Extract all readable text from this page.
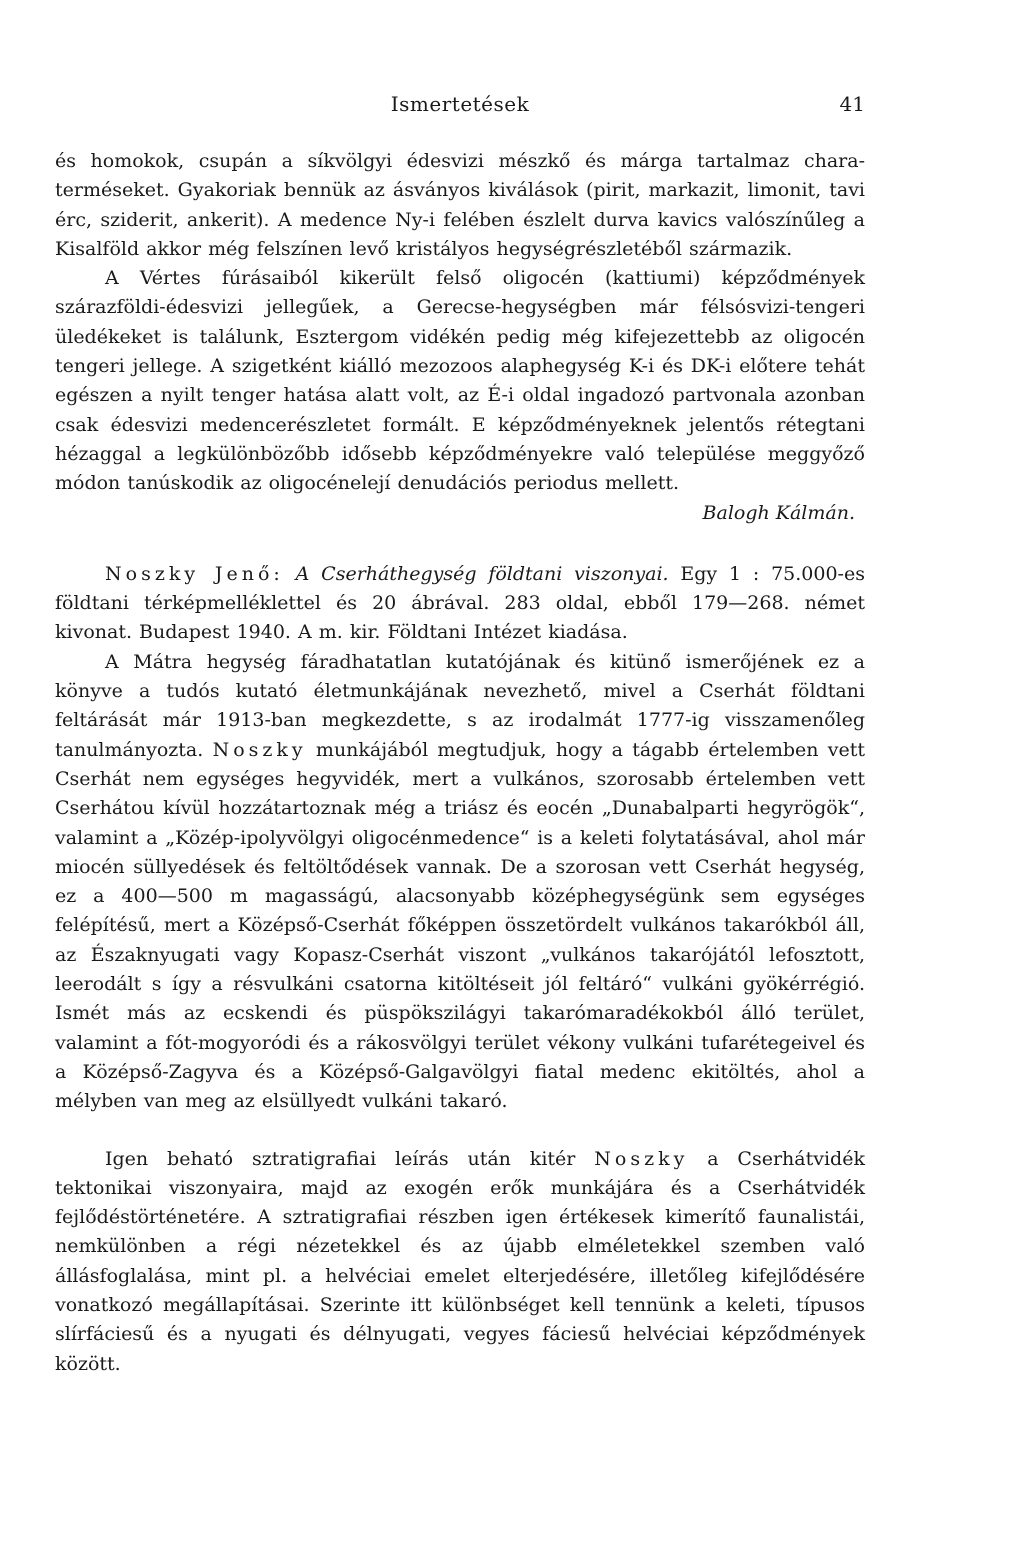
Ismertetések	41

és homokok, csupán a síkvölgyi édesvizi mészkő és márga tartalmaz chara-terméseket. Gyakoriak bennük az ásványos kiválások (pirit, markazit, limonit, tavi érc, sziderit, ankerit). A medence Ny-i felében észlelt durva kavics valószínűleg a Kisalföld akkor még felszínen levő kristályos hegységrészletéből származik.

A Vértes fúrásaiból kikerült felső oligocén (kattiumi) képződmények szárazföldi-édesvizi jellegűek, a Gerecse-hegységben már félsósvizi-tengeri üledékeket is találunk, Esztergom vidékén pedig még kifejezettebb az oligocén tengeri jellege. A szigetként kiálló mezozoos alaphegység K-i és DK-i előtere tehát egészen a nyilt tenger hatása alatt volt, az É-i oldal ingadozó partvonala azonban csak édesvizi medencerészletet formált. E képződményeknek jelentős rétegtani hézaggal a legkülönbözőbb idősebb képződményekre való települése meggyőző módon tanúskodik az oligocénelejí denudációs periodus mellett.

Balogh Kálmán.

Noszky Jenő: A Cserháthegység földtani viszonyai. Egy 1 : 75.000-es földtani térképmelléklettel és 20 ábrával. 283 oldal, ebből 179—268. német kivonat. Budapest 1940. A m. kir. Földtani Intézet kiadása.

A Mátra hegység fáradhatatlan kutatójának és kitünő ismerőjének ez a könyve a tudós kutató életmunkájának nevezhető, mivel a Cserhát földtani feltárását már 1913-ban megkezdette, s az irodalmát 1777-ig visszamenőleg tanulmányozta. Noszky munkájából megtudjuk, hogy a tágabb értelemben vett Cserhát nem egységes hegyvidék, mert a vulkános, szorosabb értelemben vett Cserhátou kívül hozzátartoznak még a triász és eocén „Dunabalparti hegyrögök“, valamint a „Közép-ipolyvölgyi oligocénmedence“ is a keleti folytatásával, ahol már miocén süllyedések és feltöltődések vannak. De a szorosan vett Cserhát hegység, ez a 400—500 m magasságú, alacsonyabb középhegységünk sem egységes felépítésű, mert a Középső-Cserhát főképpen összetördelt vulkános takarókból áll, az Északnyugati vagy Kopasz-Cserhát viszont „vulkános takarójától lefosztott, leerodált s így a résvulkáni csatorna kitöltéseit jól feltáró“ vulkáni gyökérrégió. Ismét más az ecskendi és püspökszilágyi takarómaradékokból álló terület, valamint a fót-mogyoródi és a rákosvölgyi terület vékony vulkáni tufarétegeivel és a Középső-Zagyva és a Középső-Galgavölgyi fiatal medenc ekitöltés, ahol a mélyben van meg az elsüllyedt vulkáni takaró.

Igen beható sztratigrafiai leírás után kitér Noszky a Cserhátvidék tektonikai viszonyaira, majd az exogén erők munkájára és a Cserhátvidék fejlődéstörténetére. A sztratigrafiai részben igen értékesek kimerítő faunalistái, nemkülönben a régi nézetekkel és az újabb elméletekkel szemben való állásfoglalása, mint pl. a helvéciai emelet elterjedésére, illetőleg kifejlődésére vonatkozó megállapításai. Szerinte itt különbséget kell tennünk a keleti, típusos slírfáciesű és a nyugati és délnyugati, vegyes fáciesű helvéciai képződmények között.
